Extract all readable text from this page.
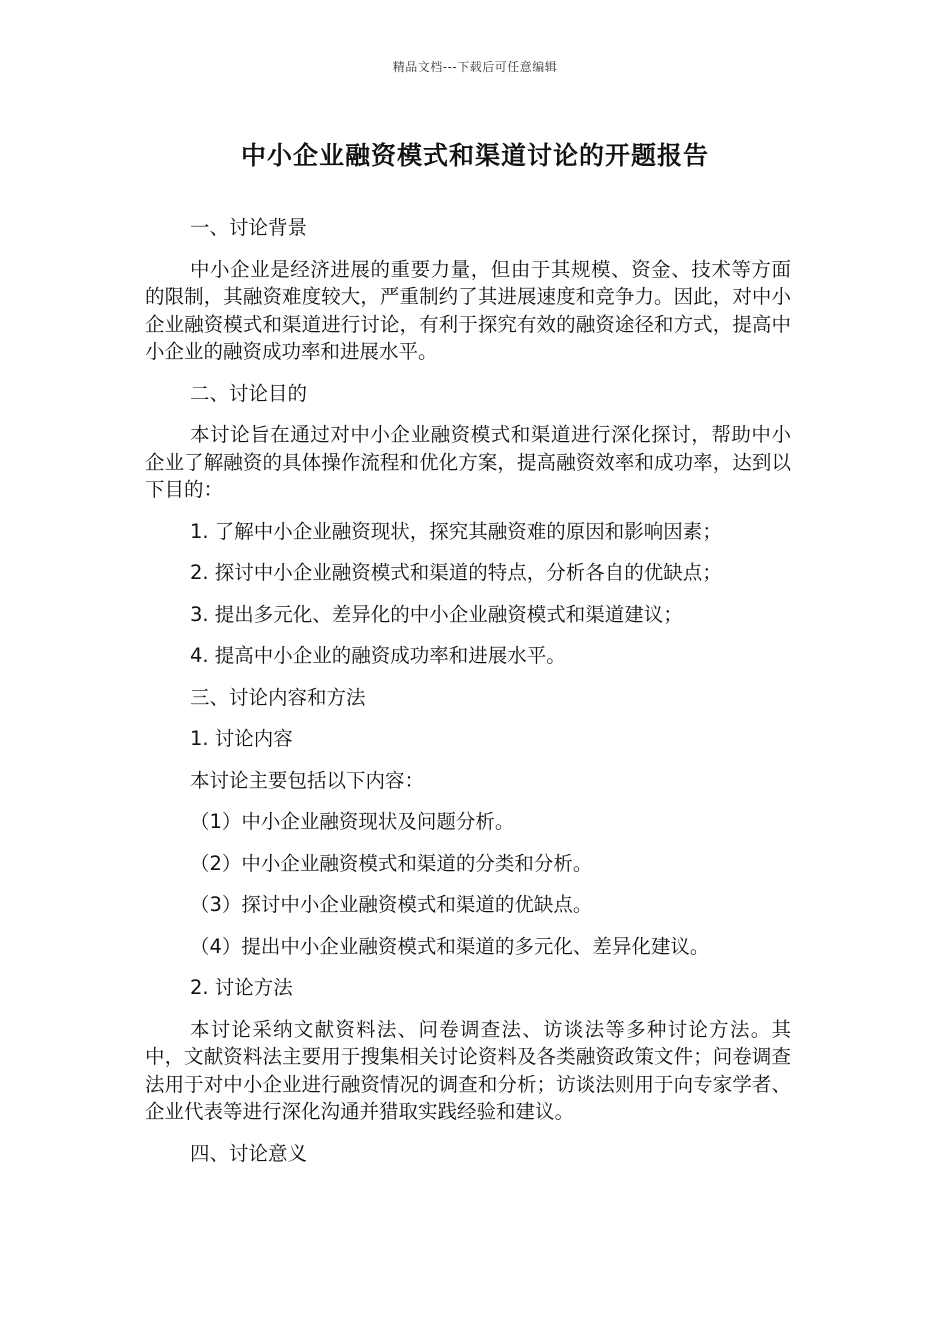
精品文档---下载后可任意编辑
中小企业融资模式和渠道讨论的开题报告

一、讨论背景

中小企业是经济进展的重要力量，但由于其规模、资金、技术等方面的限制，其融资难度较大，严重制约了其进展速度和竞争力。因此，对中小企业融资模式和渠道进行讨论，有利于探究有效的融资途径和方式，提高中小企业的融资成功率和进展水平。

二、讨论目的

本讨论旨在通过对中小企业融资模式和渠道进行深化探讨，帮助中小企业了解融资的具体操作流程和优化方案，提高融资效率和成功率，达到以下目的：

1. 了解中小企业融资现状，探究其融资难的原因和影响因素；

2. 探讨中小企业融资模式和渠道的特点，分析各自的优缺点；

3. 提出多元化、差异化的中小企业融资模式和渠道建议；

4. 提高中小企业的融资成功率和进展水平。

三、讨论内容和方法

1. 讨论内容

本讨论主要包括以下内容：

（1）中小企业融资现状及问题分析。

（2）中小企业融资模式和渠道的分类和分析。

（3）探讨中小企业融资模式和渠道的优缺点。

（4）提出中小企业融资模式和渠道的多元化、差异化建议。

2. 讨论方法

本讨论采纳文献资料法、问卷调查法、访谈法等多种讨论方法。其中，文献资料法主要用于搜集相关讨论资料及各类融资政策文件；问卷调查法用于对中小企业进行融资情况的调查和分析；访谈法则用于向专家学者、企业代表等进行深化沟通并猎取实践经验和建议。

四、讨论意义
